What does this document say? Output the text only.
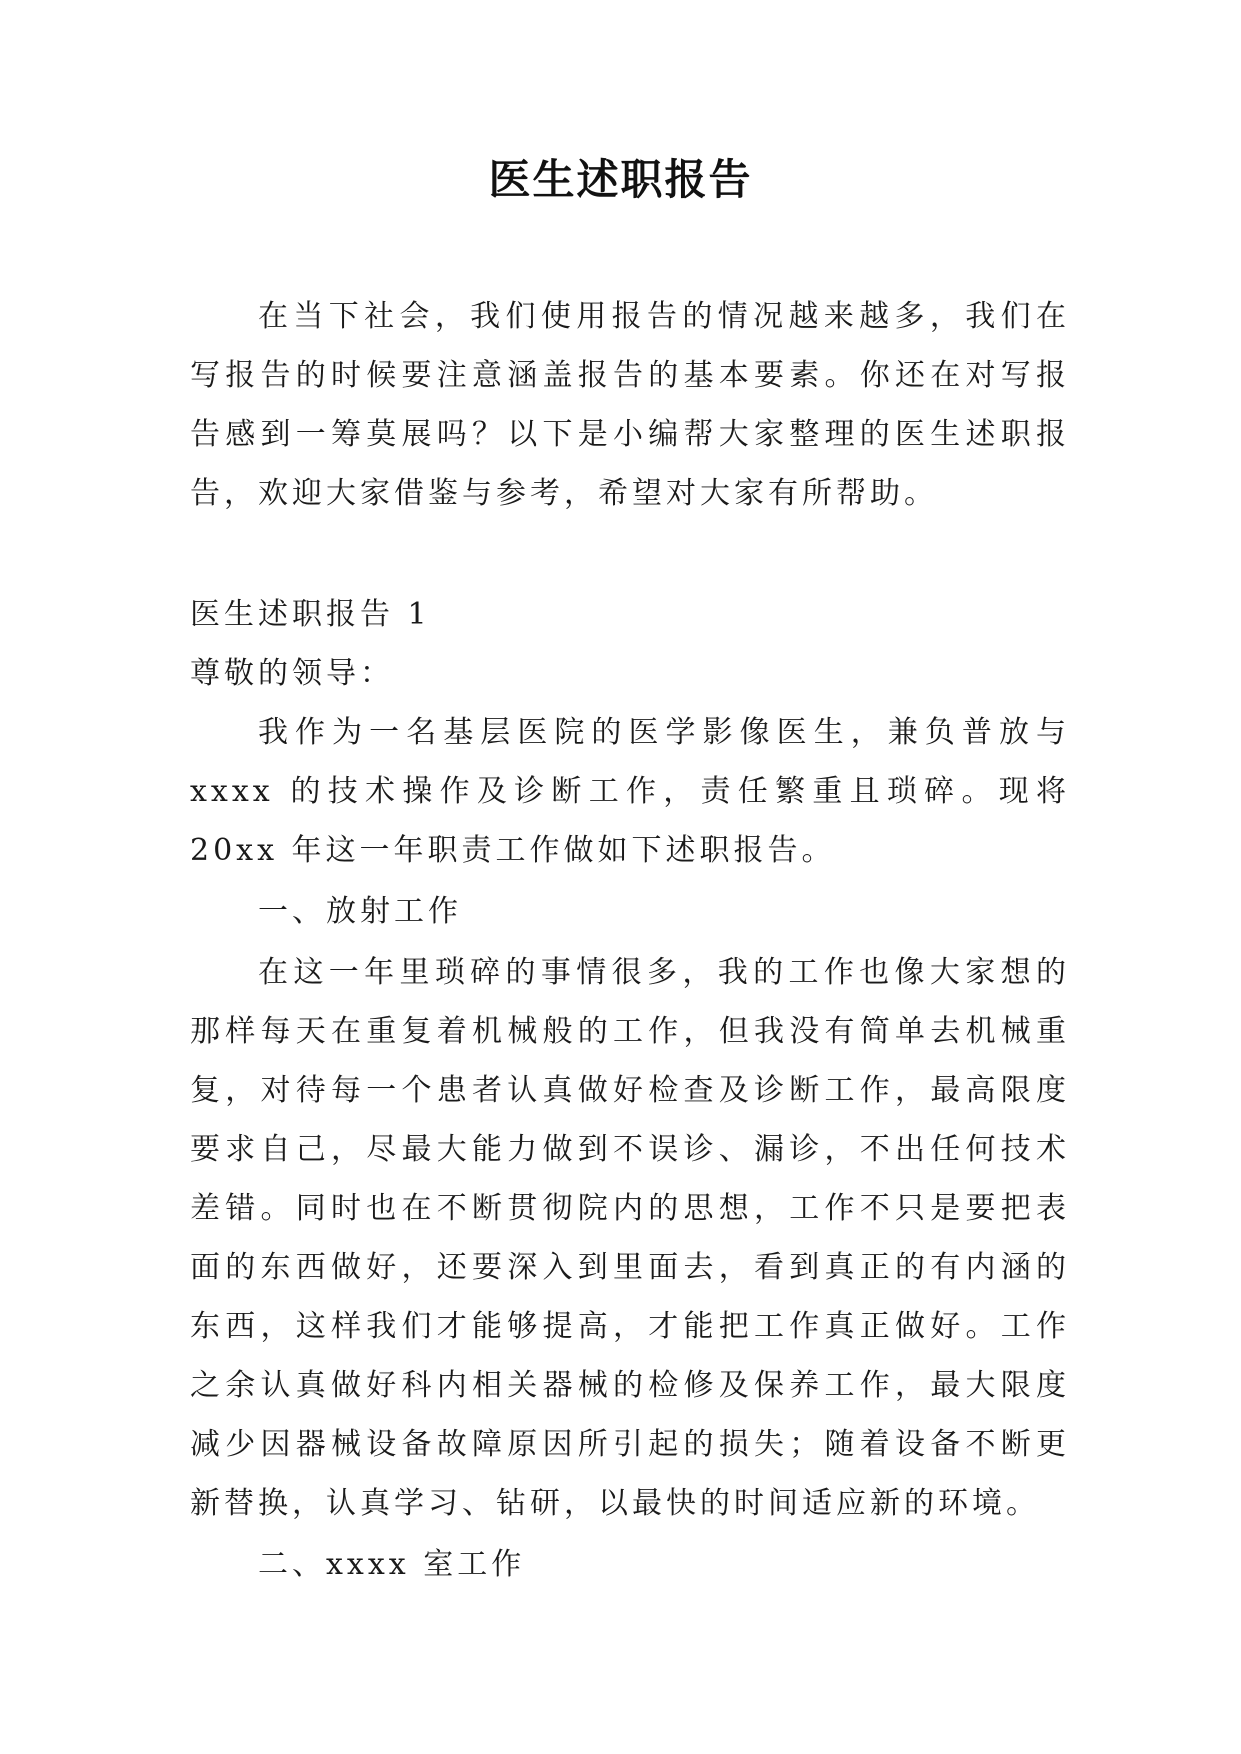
医生述职报告

在当下社会，我们使用报告的情况越来越多，我们在写报告的时候要注意涵盖报告的基本要素。你还在对写报告感到一筹莫展吗？以下是小编帮大家整理的医生述职报告，欢迎大家借鉴与参考，希望对大家有所帮助。

医生述职报告 1

尊敬的领导：

我作为一名基层医院的医学影像医生，兼负普放与 xxxx 的技术操作及诊断工作，责任繁重且琐碎。现将 20xx 年这一年职责工作做如下述职报告。

一、放射工作

在这一年里琐碎的事情很多，我的工作也像大家想的那样每天在重复着机械般的工作，但我没有简单去机械重复，对待每一个患者认真做好检查及诊断工作，最高限度要求自己，尽最大能力做到不误诊、漏诊，不出任何技术差错。同时也在不断贯彻院内的思想，工作不只是要把表面的东西做好，还要深入到里面去，看到真正的有内涵的东西，这样我们才能够提高，才能把工作真正做好。工作之余认真做好科内相关器械的检修及保养工作，最大限度减少因器械设备故障原因所引起的损失；随着设备不断更新替换，认真学习、钻研，以最快的时间适应新的环境。

二、xxxx 室工作
